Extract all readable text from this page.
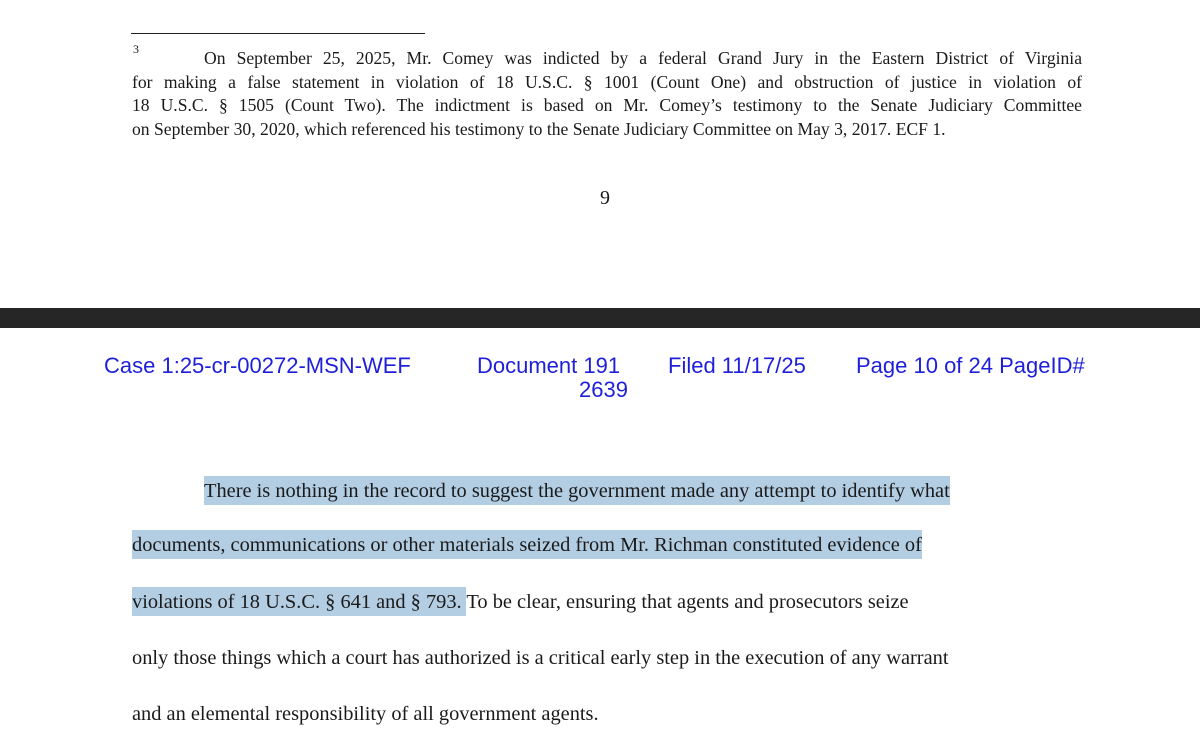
3	On September 25, 2025, Mr. Comey was indicted by a federal Grand Jury in the Eastern District of Virginia
for making a false statement in violation of 18 U.S.C. § 1001 (Count One) and obstruction of justice in violation of
18 U.S.C. § 1505 (Count Two). The indictment is based on Mr. Comey’s testimony to the Senate Judiciary Committee
on September 30, 2020, which referenced his testimony to the Senate Judiciary Committee on May 3, 2017. ECF 1.
9
Case 1:25-cr-00272-MSN-WEF	Document 191
2639
Filed 11/17/25 Page 10 of 24 PageID#
There is nothing in the record to suggest the government made any attempt to identify what
documents, communications or other materials seized from Mr. Richman constituted evidence of
violations of 18 U.S.C. § 641 and § 793. To be clear, ensuring that agents and prosecutors seize
only those things which a court has authorized is a critical early step in the execution of any warrant
and an elemental responsibility of all government agents.
